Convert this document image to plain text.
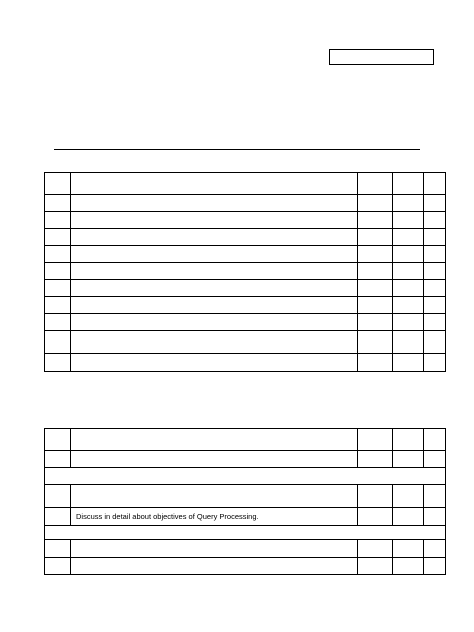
	Discuss in detail about objectives of Query Processing.			
